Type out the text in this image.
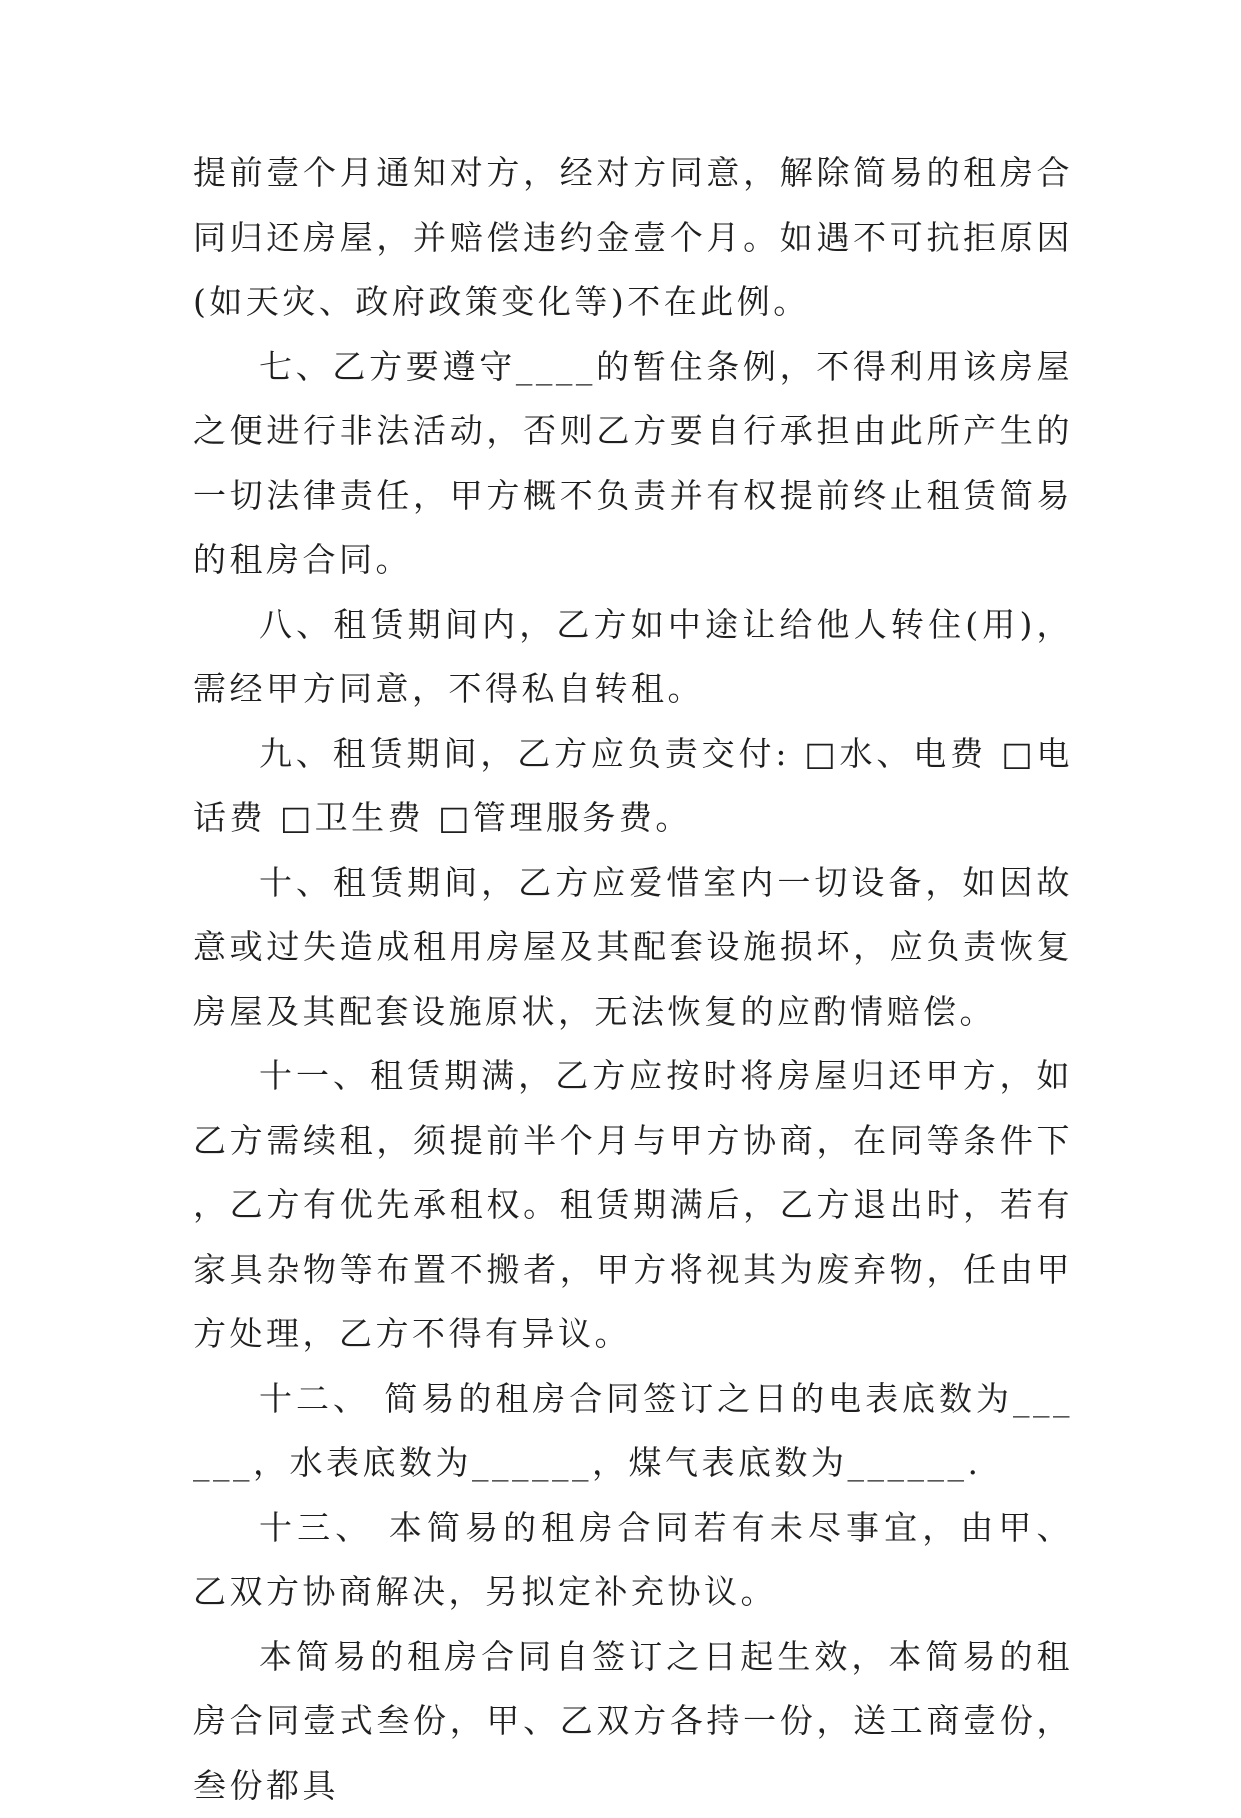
提前壹个月通知对方，经对方同意，解除简易的租房合同归还房屋，并赔偿违约金壹个月。如遇不可抗拒原因(如天灾、政府政策变化等)不在此例。

七、乙方要遵守____的暂住条例，不得利用该房屋之便进行非法活动，否则乙方要自行承担由此所产生的一切法律责任，甲方概不负责并有权提前终止租赁简易的租房合同。

八、租赁期间内，乙方如中途让给他人转住(用)，需经甲方同意，不得私自转租。

九、租赁期间，乙方应负责交付: □水、电费 □电话费 □卫生费 □管理服务费。

十、租赁期间，乙方应爱惜室内一切设备，如因故意或过失造成租用房屋及其配套设施损坏，应负责恢复房屋及其配套设施原状，无法恢复的应酌情赔偿。

十一、租赁期满，乙方应按时将房屋归还甲方，如乙方需续租，须提前半个月与甲方协商，在同等条件下，乙方有优先承租权。租赁期满后，乙方退出时，若有家具杂物等布置不搬者，甲方将视其为废弃物，任由甲方处理，乙方不得有异议。

十二、 简易的租房合同签订之日的电表底数为______，水表底数为______，煤气表底数为______.

十三、 本简易的租房合同若有未尽事宜，由甲、乙双方协商解决，另拟定补充协议。

本简易的租房合同自签订之日起生效，本简易的租房合同壹式叁份，甲、乙双方各持一份，送工商壹份，叁份都具
